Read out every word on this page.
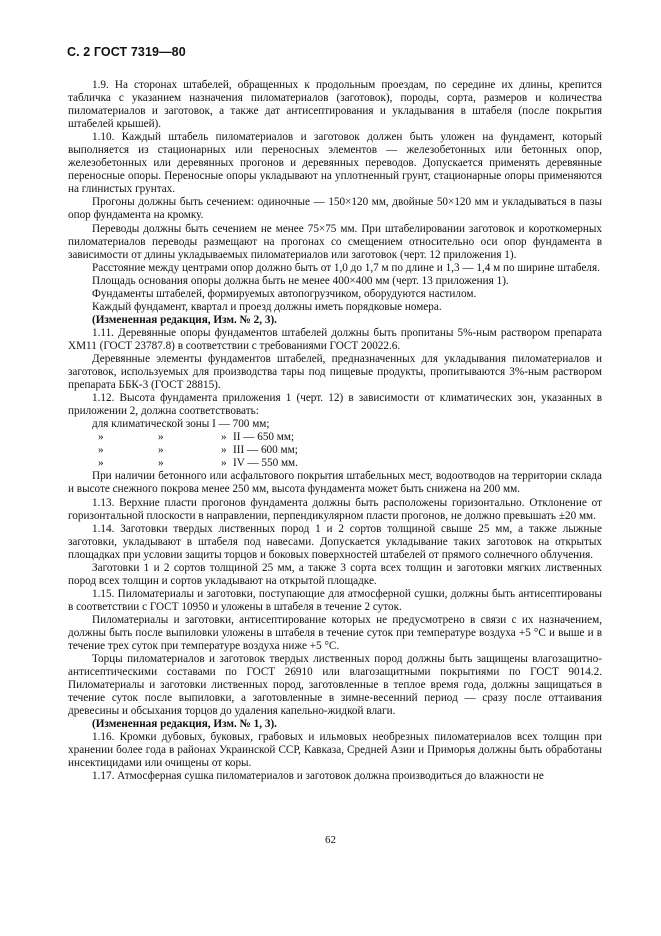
С. 2 ГОСТ 7319—80

1.9. На сторонах штабелей, обращенных к продольным проездам, по середине их длины, крепится табличка с указанием назначения пиломатериалов (заготовок), породы, сорта, размеров и количества пиломатериалов и заготовок, а также дат антисептирования и укладывания в штабеля (после покрытия штабелей крышей).

1.10. Каждый штабель пиломатериалов и заготовок должен быть уложен на фундамент, который выполняется из стационарных или переносных элементов — железобетонных или бетонных опор, железобетонных или деревянных прогонов и деревянных переводов. Допускается применять деревянные переносные опоры. Переносные опоры укладывают на уплотненный грунт, стационарные опоры применяются на глинистых грунтах.

Прогоны должны быть сечением: одиночные — 150×120 мм, двойные 50×120 мм и укладываться в пазы опор фундамента на кромку.

Переводы должны быть сечением не менее 75×75 мм. При штабелировании заготовок и короткомерных пиломатериалов переводы размещают на прогонах со смещением относительно оси опор фундамента в зависимости от длины укладываемых пиломатериалов или заготовок (черт. 12 приложения 1).

Расстояние между центрами опор должно быть от 1,0 до 1,7 м по длине и 1,3 — 1,4 м по ширине штабеля.

Площадь основания опоры должна быть не менее 400×400 мм (черт. 13 приложения 1).

Фундаменты штабелей, формируемых автопогрузчиком, оборудуются настилом.

Каждый фундамент, квартал и проезд должны иметь порядковые номера.

(Измененная редакция, Изм. № 2, 3).

1.11. Деревянные опоры фундаментов штабелей должны быть пропитаны 5%-ным раствором препарата ХМ11 (ГОСТ 23787.8) в соответствии с требованиями ГОСТ 20022.6.

Деревянные элементы фундаментов штабелей, предназначенных для укладывания пиломатериалов и заготовок, используемых для производства тары под пищевые продукты, пропитываются 3%-ным раствором препарата ББК-3 (ГОСТ 28815).

1.12. Высота фундамента приложения 1 (черт. 12) в зависимости от климатических зон, указанных в приложении 2, должна соответствовать:

для климатической зоны I — 700 мм;
»	»	» II — 650 мм;
»	»	» III — 600 мм;
»	»	» IV — 550 мм.

При наличии бетонного или асфальтового покрытия штабельных мест, водоотводов на территории склада и высоте снежного покрова менее 250 мм, высота фундамента может быть снижена на 200 мм.

1.13. Верхние пласти прогонов фундамента должны быть расположены горизонтально. Отклонение от горизонтальной плоскости в направлении, перпендикулярном пласти прогонов, не должно превышать ±20 мм.

1.14. Заготовки твердых лиственных пород 1 и 2 сортов толщиной свыше 25 мм, а также лыжные заготовки, укладывают в штабеля под навесами. Допускается укладывание таких заготовок на открытых площадках при условии защиты торцов и боковых поверхностей штабелей от прямого солнечного облучения.

Заготовки 1 и 2 сортов толщиной 25 мм, а также 3 сорта всех толщин и заготовки мягких лиственных пород всех толщин и сортов укладывают на открытой площадке.

1.15. Пиломатериалы и заготовки, поступающие для атмосферной сушки, должны быть антисептированы в соответствии с ГОСТ 10950 и уложены в штабеля в течение 2 суток.

Пиломатериалы и заготовки, антисептирование которых не предусмотрено в связи с их назначением, должны быть после выпиловки уложены в штабеля в течение суток при температуре воздуха +5 °С и выше и в течение трех суток при температуре воздуха ниже +5 °С.

Торцы пиломатериалов и заготовок твердых лиственных пород должны быть защищены влагозащитно-антисептическими составами по ГОСТ 26910 или влагозащитными покрытиями по ГОСТ 9014.2. Пиломатериалы и заготовки лиственных пород, заготовленные в теплое время года, должны защищаться в течение суток после выпиловки, а заготовленные в зимне-весенний период — сразу после оттаивания древесины и обсыхания торцов до удаления капельно-жидкой влаги.

(Измененная редакция, Изм. № 1, 3).

1.16. Кромки дубовых, буковых, грабовых и ильмовых необрезных пиломатериалов всех толщин при хранении более года в районах Украинской ССР, Кавказа, Средней Азии и Приморья должны быть обработаны инсектицидами или очищены от коры.

1.17. Атмосферная сушка пиломатериалов и заготовок должна производиться до влажности не

62
